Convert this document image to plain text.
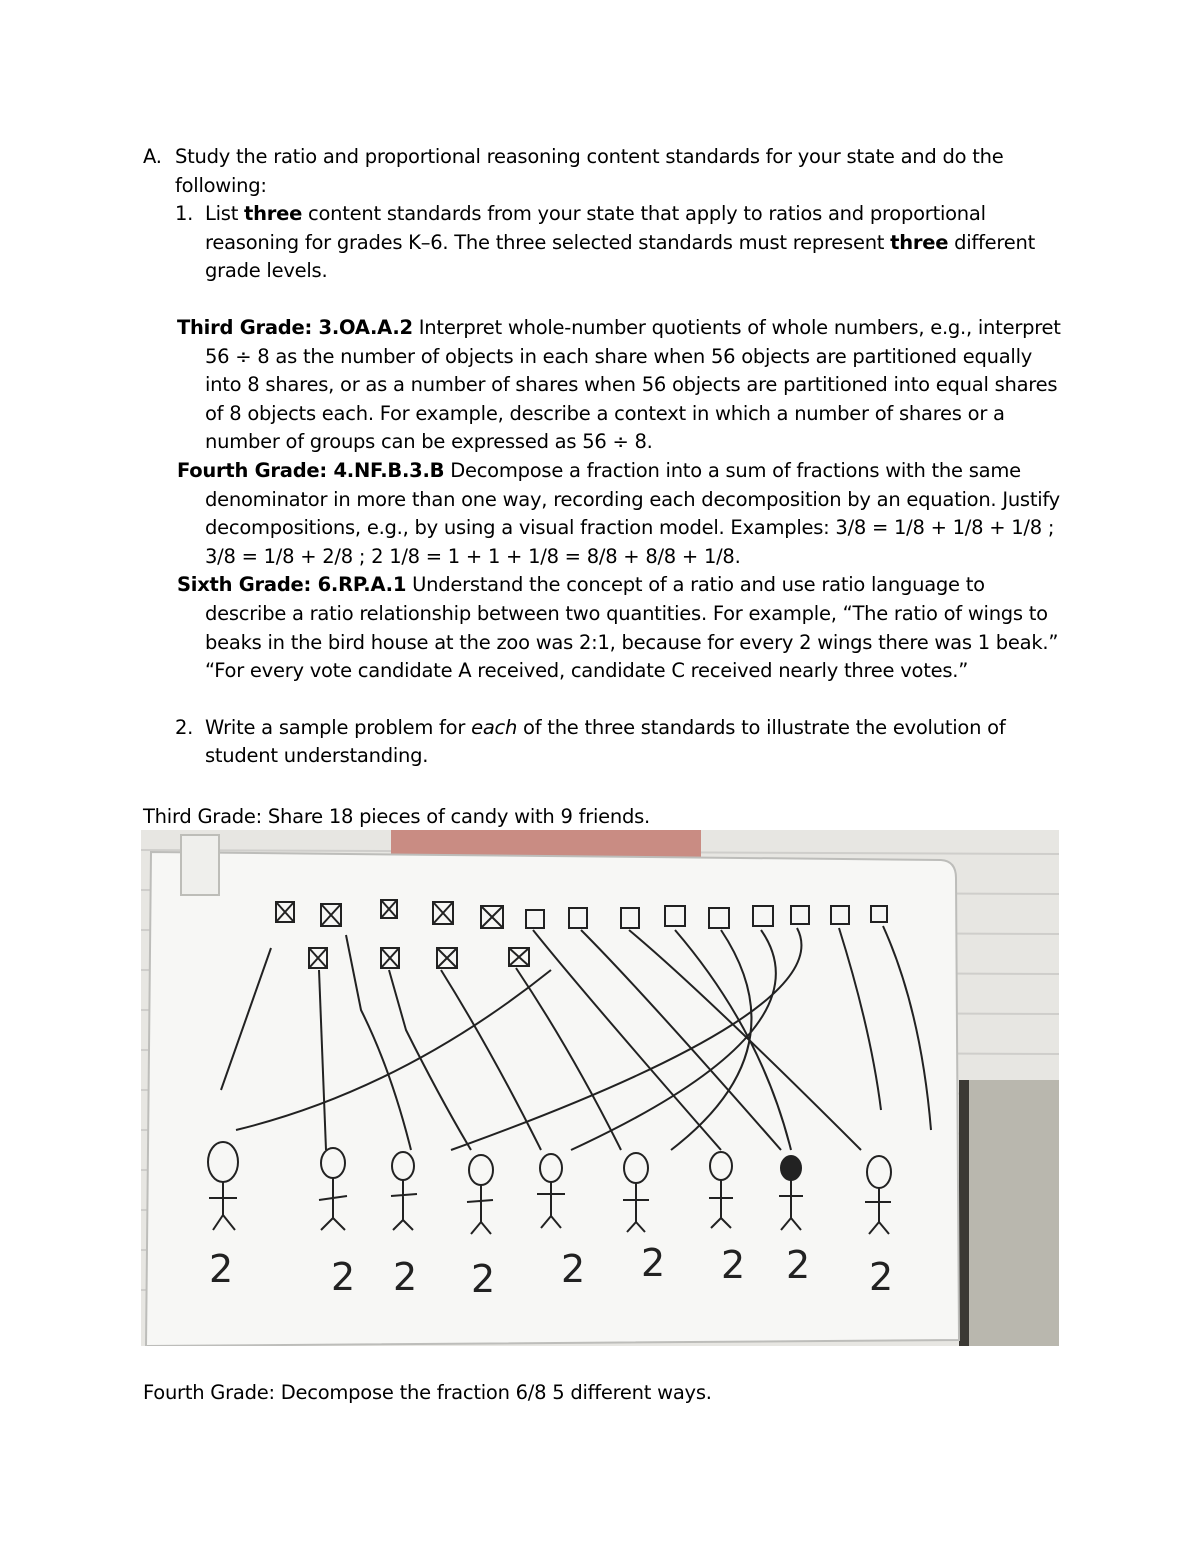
A. Study the ratio and proportional reasoning content standards for your state and do the following:
1. List three content standards from your state that apply to ratios and proportional reasoning for grades K–6. The three selected standards must represent three different grade levels.
Third Grade: 3.OA.A.2 Interpret whole-number quotients of whole numbers, e.g., interpret 56 ÷ 8 as the number of objects in each share when 56 objects are partitioned equally into 8 shares, or as a number of shares when 56 objects are partitioned into equal shares of 8 objects each. For example, describe a context in which a number of shares or a number of groups can be expressed as 56 ÷ 8.
Fourth Grade: 4.NF.B.3.B Decompose a fraction into a sum of fractions with the same denominator in more than one way, recording each decomposition by an equation. Justify decompositions, e.g., by using a visual fraction model. Examples: 3/8 = 1/8 + 1/8 + 1/8 ; 3/8 = 1/8 + 2/8 ; 2 1/8 = 1 + 1 + 1/8 = 8/8 + 8/8 + 1/8.
Sixth Grade: 6.RP.A.1 Understand the concept of a ratio and use ratio language to describe a ratio relationship between two quantities. For example, “The ratio of wings to beaks in the bird house at the zoo was 2:1, because for every 2 wings there was 1 beak.” “For every vote candidate A received, candidate C received nearly three votes.”
2. Write a sample problem for each of the three standards to illustrate the evolution of student understanding.
Third Grade: Share 18 pieces of candy with 9 friends.
2	2 2 2 2 2 2 2 2
Fourth Grade: Decompose the fraction 6/8 5 different ways.
